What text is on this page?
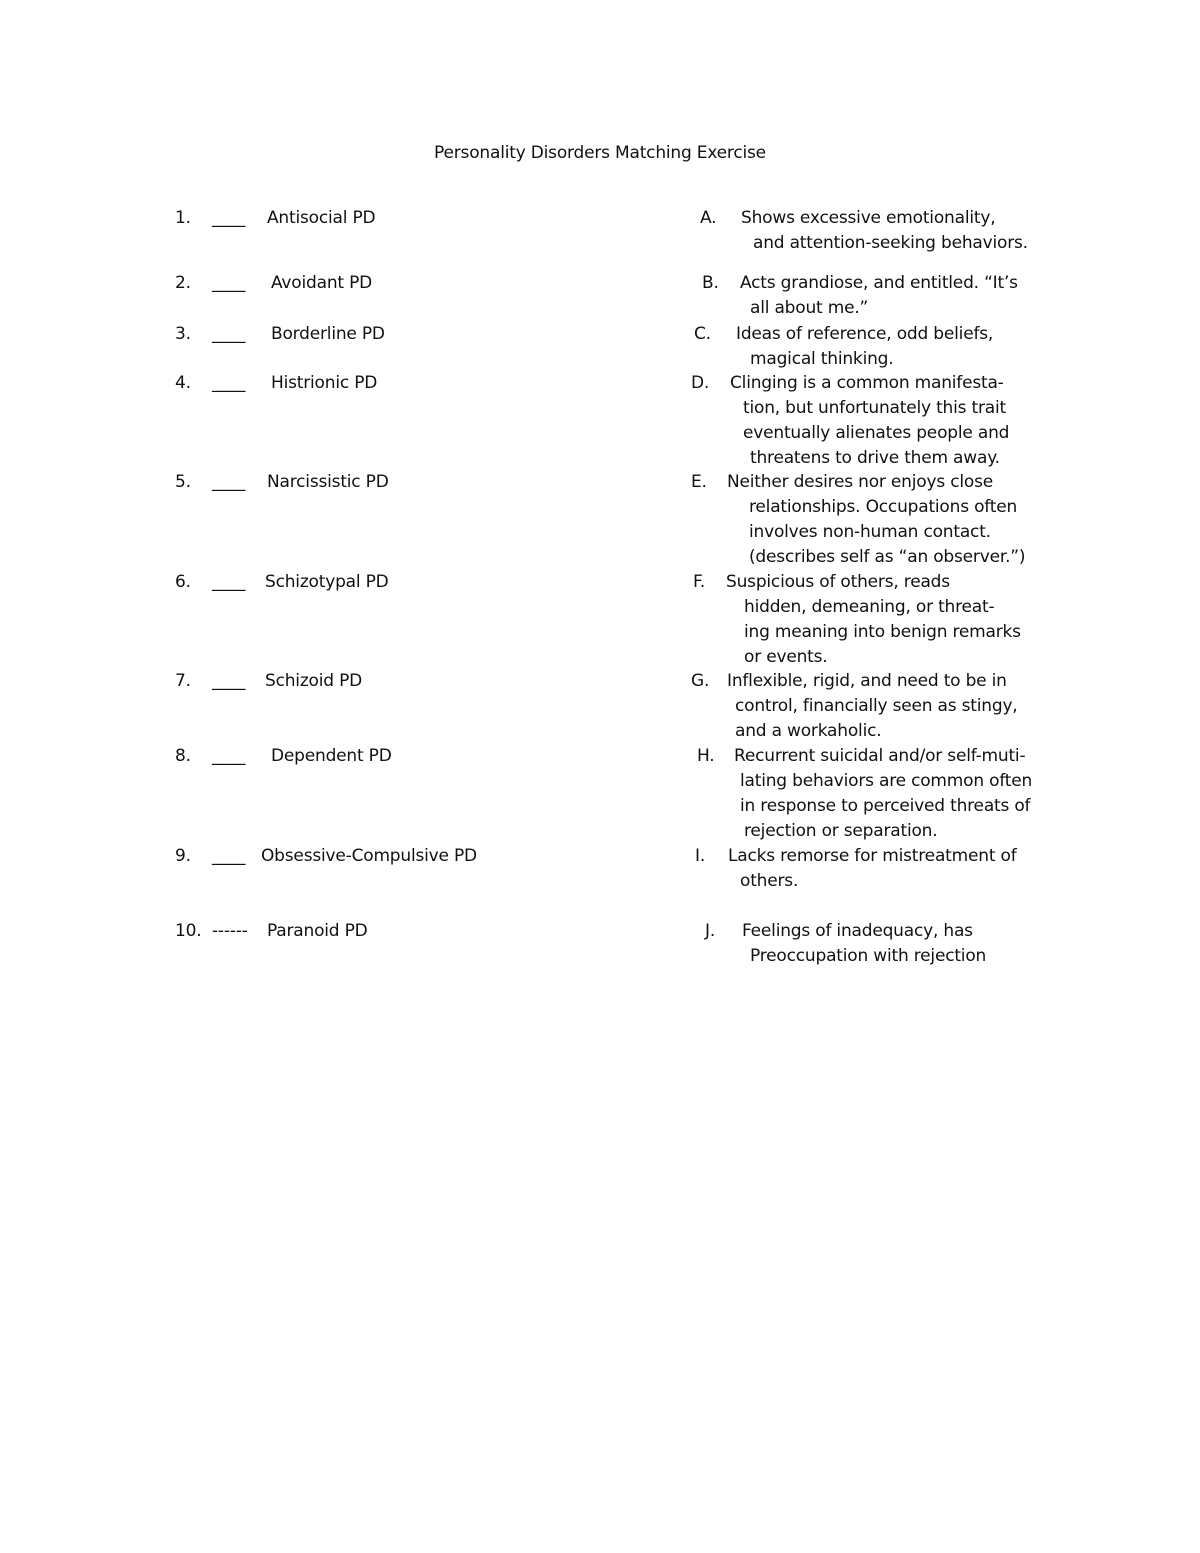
Personality Disorders Matching Exercise
1. ____ Antisocial PD
2. ____ Avoidant PD
3. ____ Borderline PD
4. ____ Histrionic PD
5. ____ Narcissistic PD
6. ____ Schizotypal PD
7. ____ Schizoid PD
8. ____ Dependent PD
9. ____ Obsessive-Compulsive PD
10. ------ Paranoid PD
A. Shows excessive emotionality,
and attention-seeking behaviors.
B. Acts grandiose, and entitled. “It’s
all about me.”
C. Ideas of reference, odd beliefs,
magical thinking.
D. Clinging is a common manifesta-
tion, but unfortunately this trait
eventually alienates people and
threatens to drive them away.
E. Neither desires nor enjoys close
relationships. Occupations often
involves non-human contact.
(describes self as “an observer.”)
F. Suspicious of others, reads
hidden, demeaning, or threat-
ing meaning into benign remarks
or events.
G. Inflexible, rigid, and need to be in
control, financially seen as stingy,
and a workaholic.
H. Recurrent suicidal and/or self-muti-
lating behaviors are common often
in response to perceived threats of
rejection or separation.
I. Lacks remorse for mistreatment of
others.
J. Feelings of inadequacy, has
Preoccupation with rejection
